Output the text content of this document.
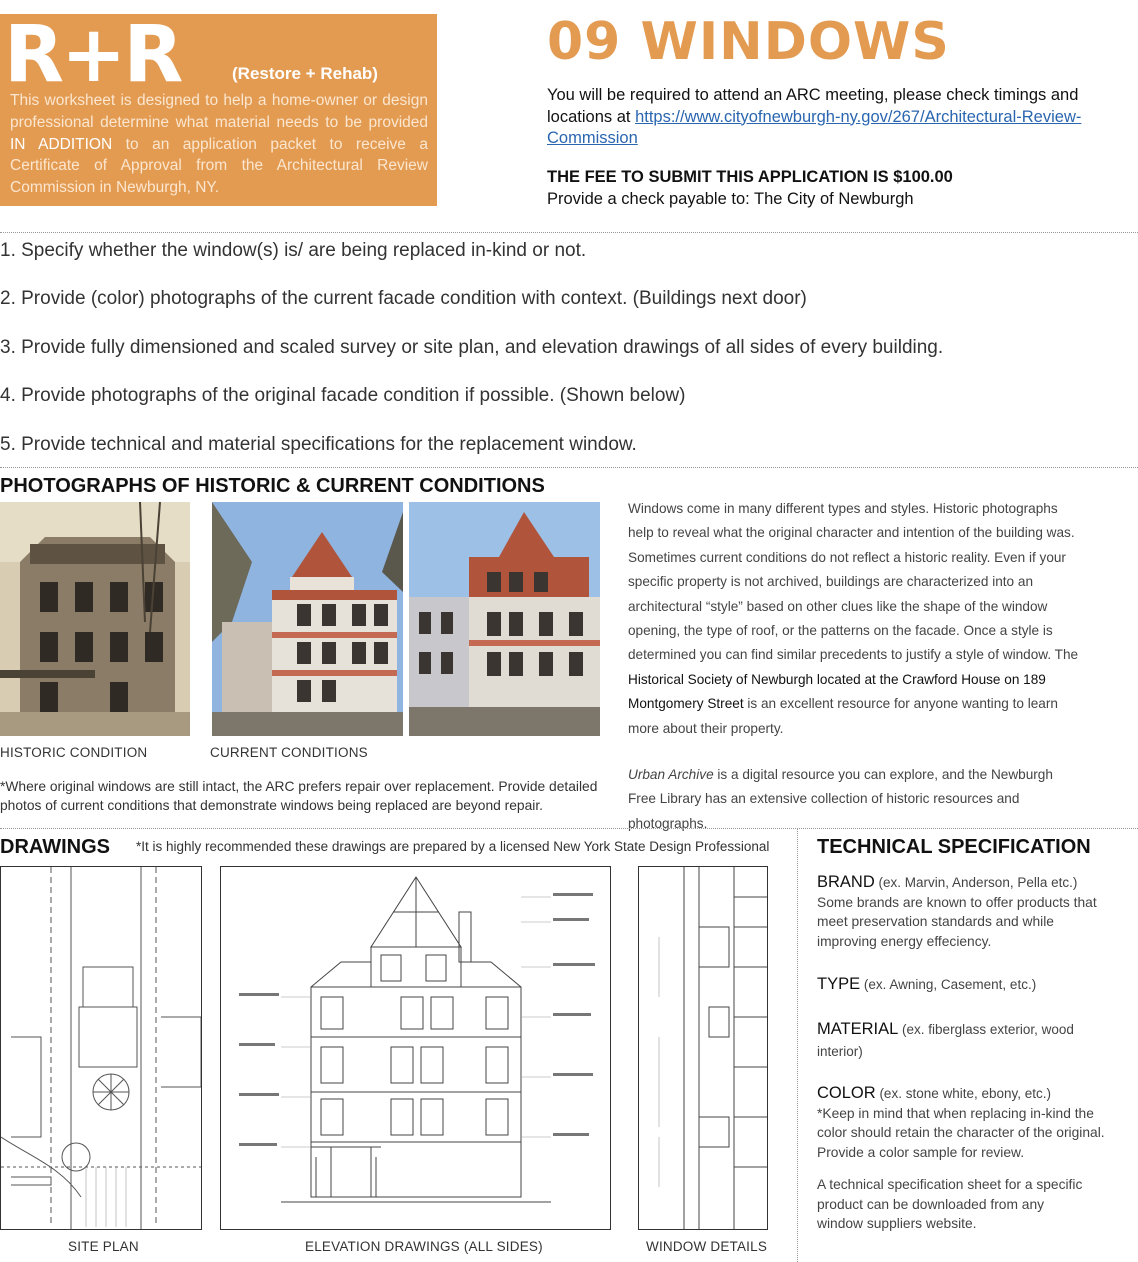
R+R	(Restore + Rehab)
This worksheet is designed to help a home-owner or design professional determine what material needs to be provided IN ADDITION to an application packet to receive a Certificate of Approval from the Architectural Review Commission in Newburgh, NY.
09 WINDOWS
You will be required to attend an ARC meeting, please check timings and locations at https://www.cityofnewburgh-ny.gov/267/Architectural-Review-Commission
THE FEE TO SUBMIT THIS APPLICATION IS $100.00
Provide a check payable to: The City of Newburgh
1. Specify whether the window(s) is/ are being replaced in-kind or not.
2. Provide (color) photographs of the current facade condition with context. (Buildings next door)
3. Provide fully dimensioned and scaled survey or site plan, and elevation drawings of all sides of every building.
4. Provide photographs of the original facade condition if possible. (Shown below)
5. Provide technical and material specifications for the replacement window.
PHOTOGRAPHS OF HISTORIC & CURRENT CONDITIONS
HISTORIC CONDITION	CURRENT CONDITIONS
*Where original windows are still intact, the ARC prefers repair over replacement. Provide detailed photos of current conditions that demonstrate windows being replaced are beyond repair.
Windows come in many different types and styles. Historic photographs help to reveal what the original character and intention of the building was. Sometimes current conditions do not reflect a historic reality. Even if your specific property is not archived, buildings are characterized into an architectural “style” based on other clues like the shape of the window opening, the type of roof, or the patterns on the facade. Once a style is determined you can find similar precedents to justify a style of window. The Historical Society of Newburgh located at the Crawford House on 189 Montgomery Street is an excellent resource for anyone wanting to learn more about their property.
Urban Archive is a digital resource you can explore, and the Newburgh Free Library has an extensive collection of historic resources and photographs.
DRAWINGS *It is highly recommended these drawings are prepared by a licensed New York State Design Professional
SITE PLAN	ELEVATION DRAWINGS (ALL SIDES)	WINDOW DETAILS
TECHNICAL SPECIFICATION
BRAND (ex. Marvin, Anderson, Pella etc.)
Some brands are known to offer products that meet preservation standards and while improving energy effeciency.
TYPE (ex. Awning, Casement, etc.)
MATERIAL (ex. fiberglass exterior, wood interior)
COLOR (ex. stone white, ebony, etc.)
*Keep in mind that when replacing in-kind the color should retain the character of the original. Provide a color sample for review.
A technical specification sheet for a specific product can be downloaded from any window suppliers website.
